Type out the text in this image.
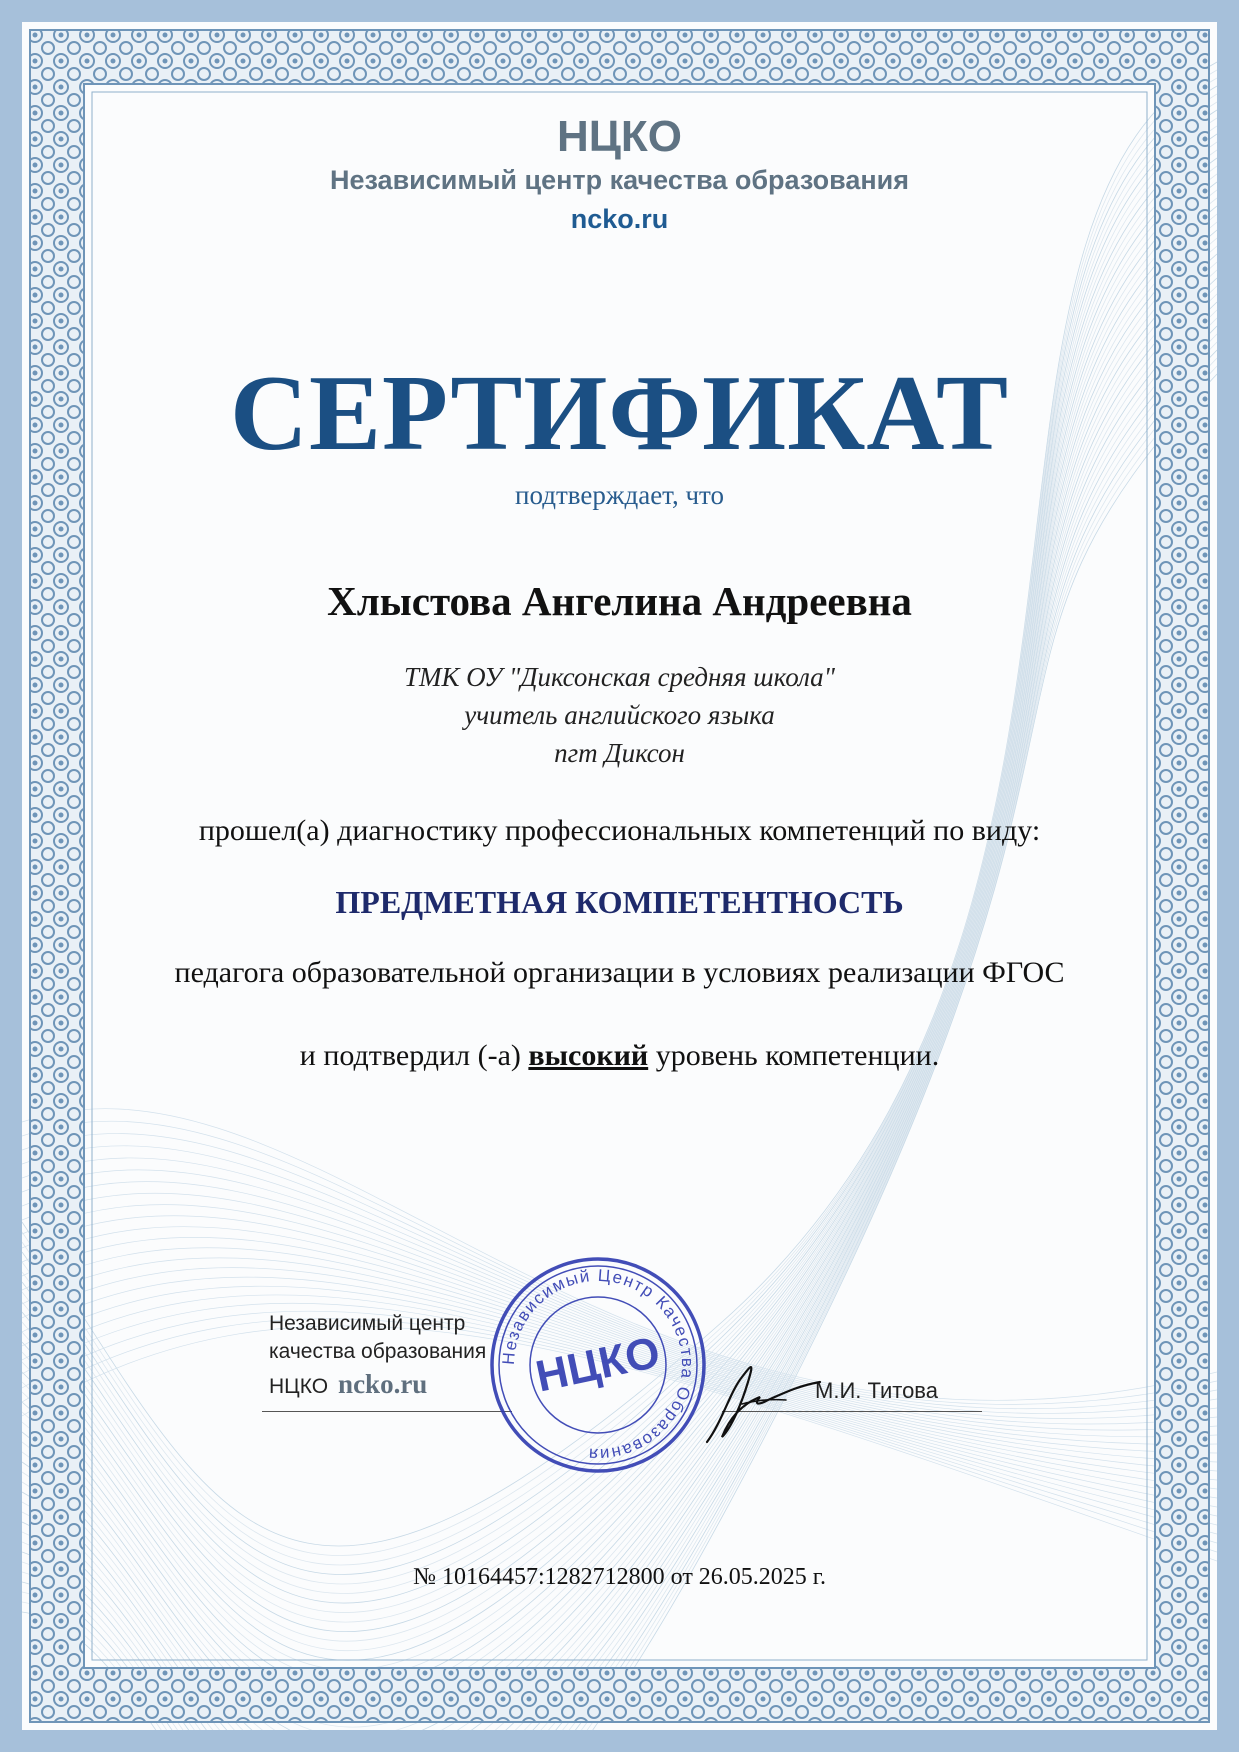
НЦКО
Независимый центр качества образования
ncko.ru
СЕРТИФИКАТ
подтверждает, что
Хлыстова Ангелина Андреевна
ТМК ОУ "Диксонская средняя школа"
учитель английского языка
пгт Диксон
прошел(а) диагностику профессиональных компетенций по виду:
ПРЕДМЕТНАЯ КОМПЕТЕНТНОСТЬ
педагога образовательной организации в условиях реализации ФГОС
и подтвердил (-а) высокий уровень компетенции.
Независимый центр
качества образования
НЦКО ncko.ru	М.И. Титова
Независимый Центр Качества Образования
НЦКО
№ 10164457:1282712800 от 26.05.2025 г.
